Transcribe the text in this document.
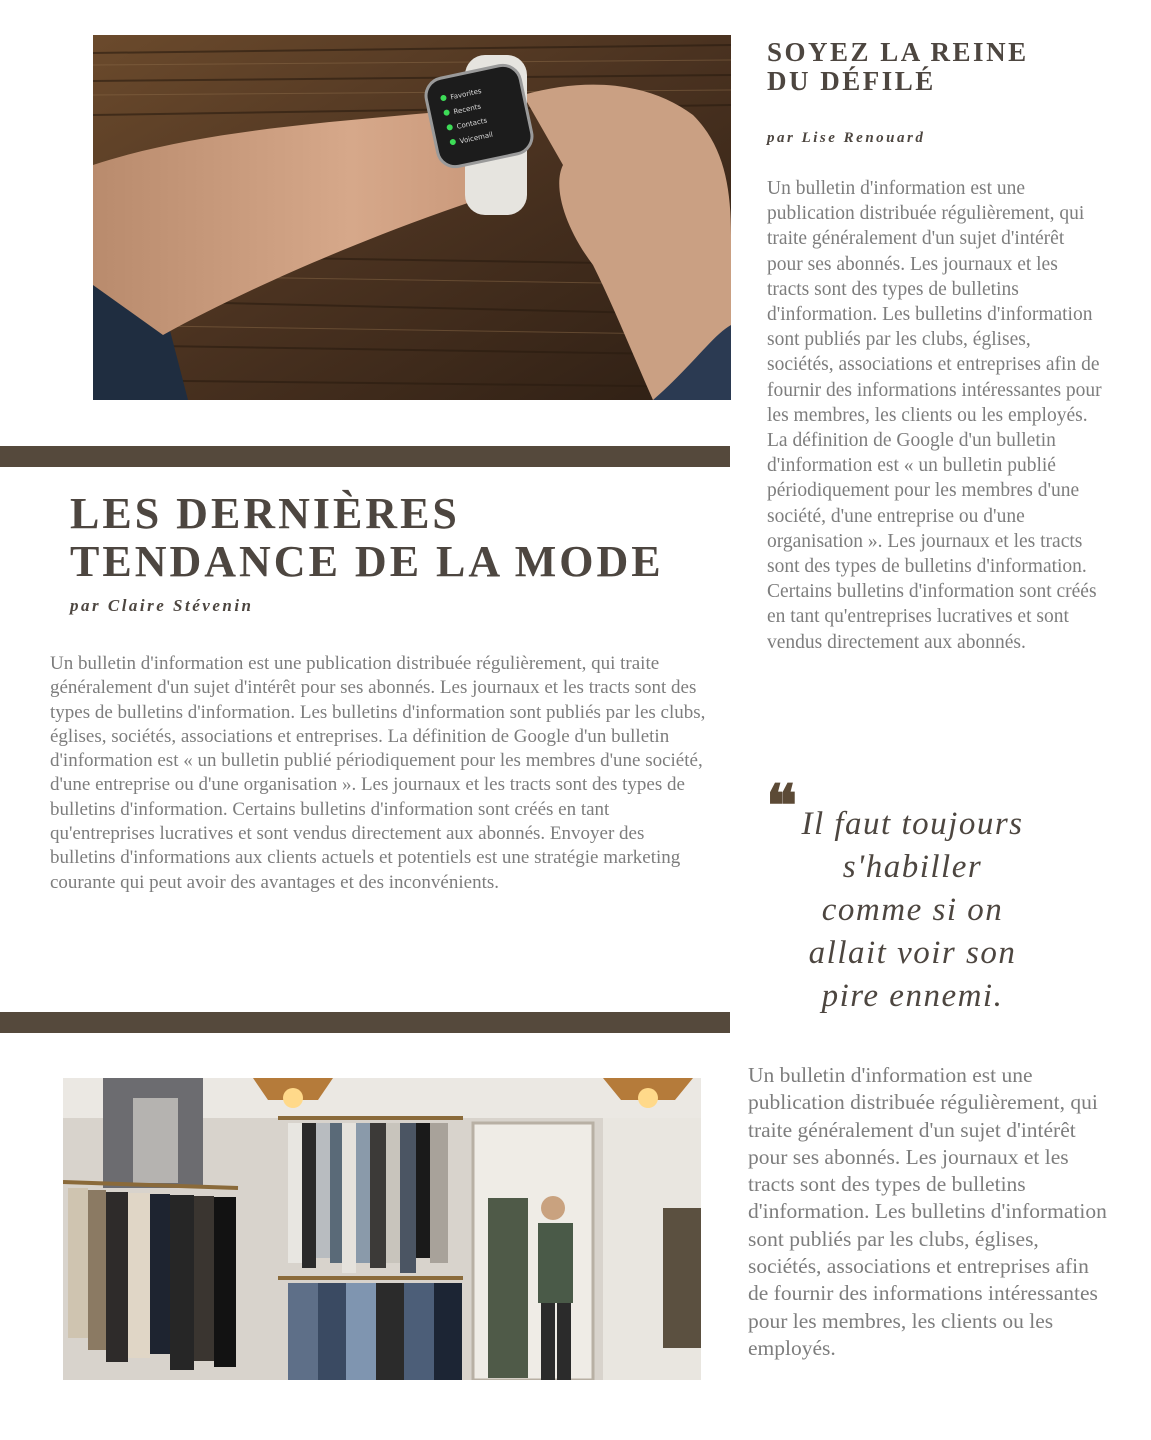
Favorites
Recents
Contacts
Voicemail
SOYEZ LA REINE DU DÉFILÉ
par Lise Renouard

Un bulletin d'information est une publication distribuée régulièrement, qui traite généralement d'un sujet d'intérêt pour ses abonnés. Les journaux et les tracts sont des types de bulletins d'information. Les bulletins d'information sont publiés par les clubs, églises, sociétés, associations et entreprises afin de fournir des informations intéressantes pour les membres, les clients ou les employés. La définition de Google d'un bulletin d'information est « un bulletin publié périodiquement pour les membres d'une société, d'une entreprise ou d'une organisation ». Les journaux et les tracts sont des types de bulletins d'information. Certains bulletins d'information sont créés en tant qu'entreprises lucratives et sont vendus directement aux abonnés.

LES DERNIÈRES TENDANCE DE LA MODE
par Claire Stévenin

Un bulletin d'information est une publication distribuée régulièrement, qui traite généralement d'un sujet d'intérêt pour ses abonnés. Les journaux et les tracts sont des types de bulletins d'information. Les bulletins d'information sont publiés par les clubs, églises, sociétés, associations et entreprises. La définition de Google d'un bulletin d'information est « un bulletin publié périodiquement pour les membres d'une société, d'une entreprise ou d'une organisation ». Les journaux et les tracts sont des types de bulletins d'information. Certains bulletins d'information sont créés en tant qu'entreprises lucratives et sont vendus directement aux abonnés. Envoyer des bulletins d'informations aux clients actuels et potentiels est une stratégie marketing courante qui peut avoir des avantages et des inconvénients.

❝ Il faut toujours s'habiller comme si on allait voir son pire ennemi.

Un bulletin d'information est une publication distribuée régulièrement, qui traite généralement d'un sujet d'intérêt pour ses abonnés. Les journaux et les tracts sont des types de bulletins d'information. Les bulletins d'information sont publiés par les clubs, églises, sociétés, associations et entreprises afin de fournir des informations intéressantes pour les membres, les clients ou les employés.
